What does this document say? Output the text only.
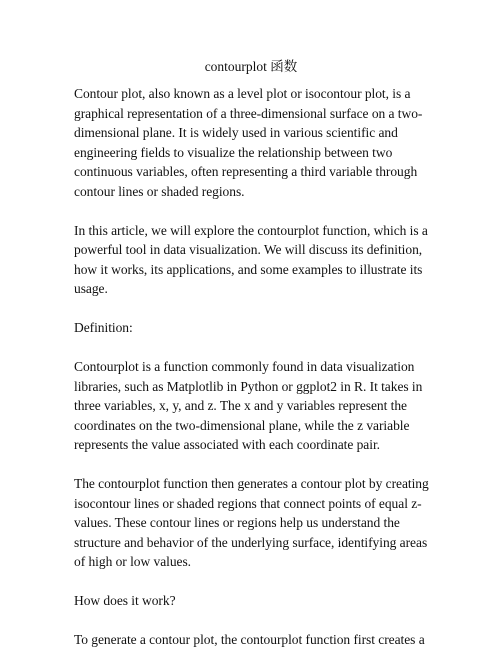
contourplot 函数

Contour plot, also known as a level plot or isocontour plot, is a
graphical representation of a three-dimensional surface on a two-
dimensional plane. It is widely used in various scientific and
engineering fields to visualize the relationship between two
continuous variables, often representing a third variable through
contour lines or shaded regions.

In this article, we will explore the contourplot function, which is a
powerful tool in data visualization. We will discuss its definition,
how it works, its applications, and some examples to illustrate its
usage.

Definition:

Contourplot is a function commonly found in data visualization
libraries, such as Matplotlib in Python or ggplot2 in R. It takes in
three variables, x, y, and z. The x and y variables represent the
coordinates on the two-dimensional plane, while the z variable
represents the value associated with each coordinate pair.

The contourplot function then generates a contour plot by creating
isocontour lines or shaded regions that connect points of equal z-
values. These contour lines or regions help us understand the
structure and behavior of the underlying surface, identifying areas
of high or low values.

How does it work?

To generate a contour plot, the contourplot function first creates a
